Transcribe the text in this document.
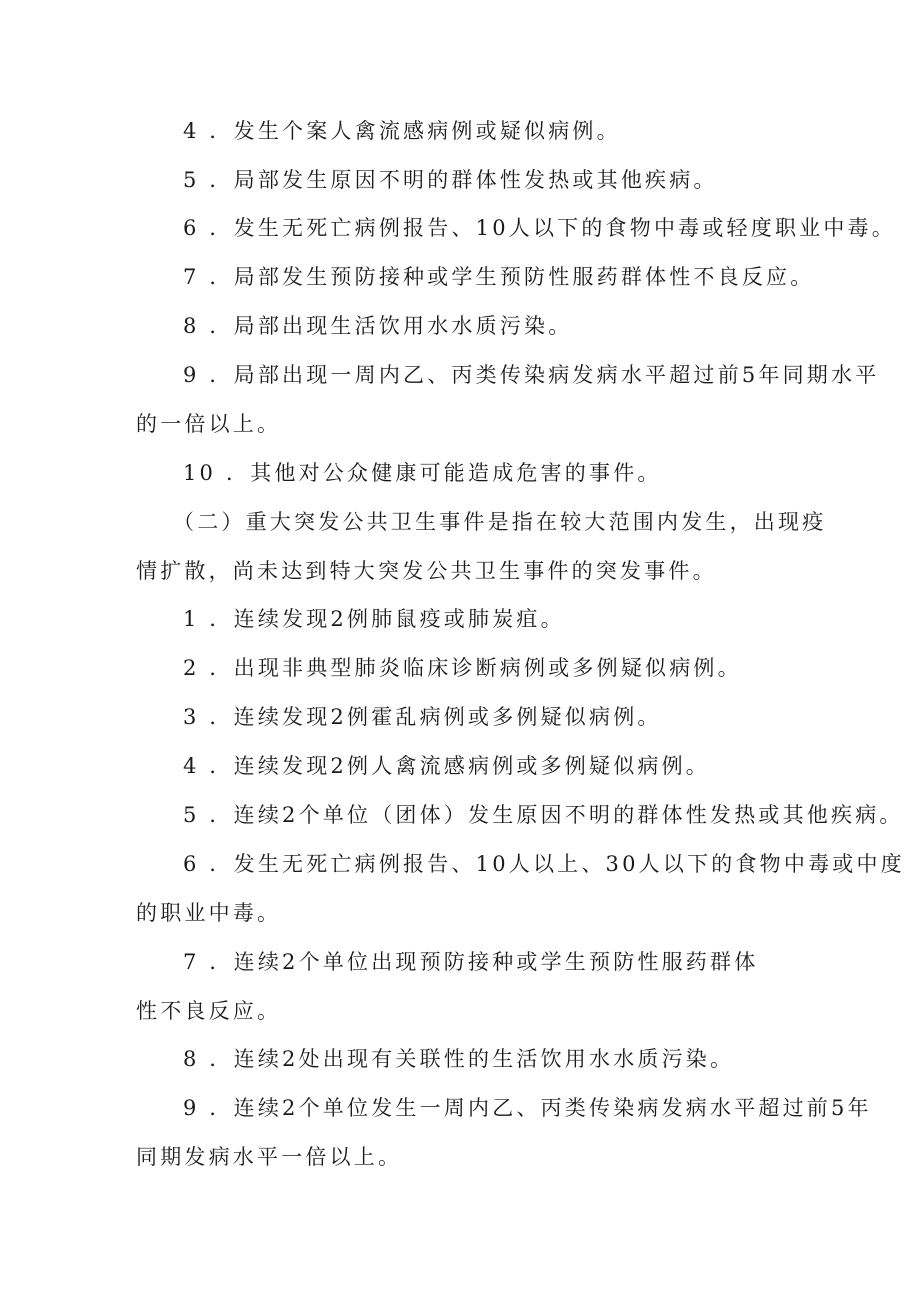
4 ．发生个案人禽流感病例或疑似病例。
5 ．局部发生原因不明的群体性发热或其他疾病。
6 ．发生无死亡病例报告、10人以下的食物中毒或轻度职业中毒。
7 ．局部发生预防接种或学生预防性服药群体性不良反应。
8 ．局部出现生活饮用水水质污染。
9 ．局部出现一周内乙、丙类传染病发病水平超过前5年同期水平
的一倍以上。
10 ．其他对公众健康可能造成危害的事件。
（二）重大突发公共卫生事件是指在较大范围内发生，出现疫
情扩散，尚未达到特大突发公共卫生事件的突发事件。
1 ．连续发现2例肺鼠疫或肺炭疽。
2 ．出现非典型肺炎临床诊断病例或多例疑似病例。
3 ．连续发现2例霍乱病例或多例疑似病例。
4 ．连续发现2例人禽流感病例或多例疑似病例。
5 ．连续2个单位（团体）发生原因不明的群体性发热或其他疾病。
6 ．发生无死亡病例报告、10人以上、30人以下的食物中毒或中度
的职业中毒。
7 ．连续2个单位出现预防接种或学生预防性服药群体
性不良反应。
8 ．连续2处出现有关联性的生活饮用水水质污染。
9 ．连续2个单位发生一周内乙、丙类传染病发病水平超过前5年
同期发病水平一倍以上。
